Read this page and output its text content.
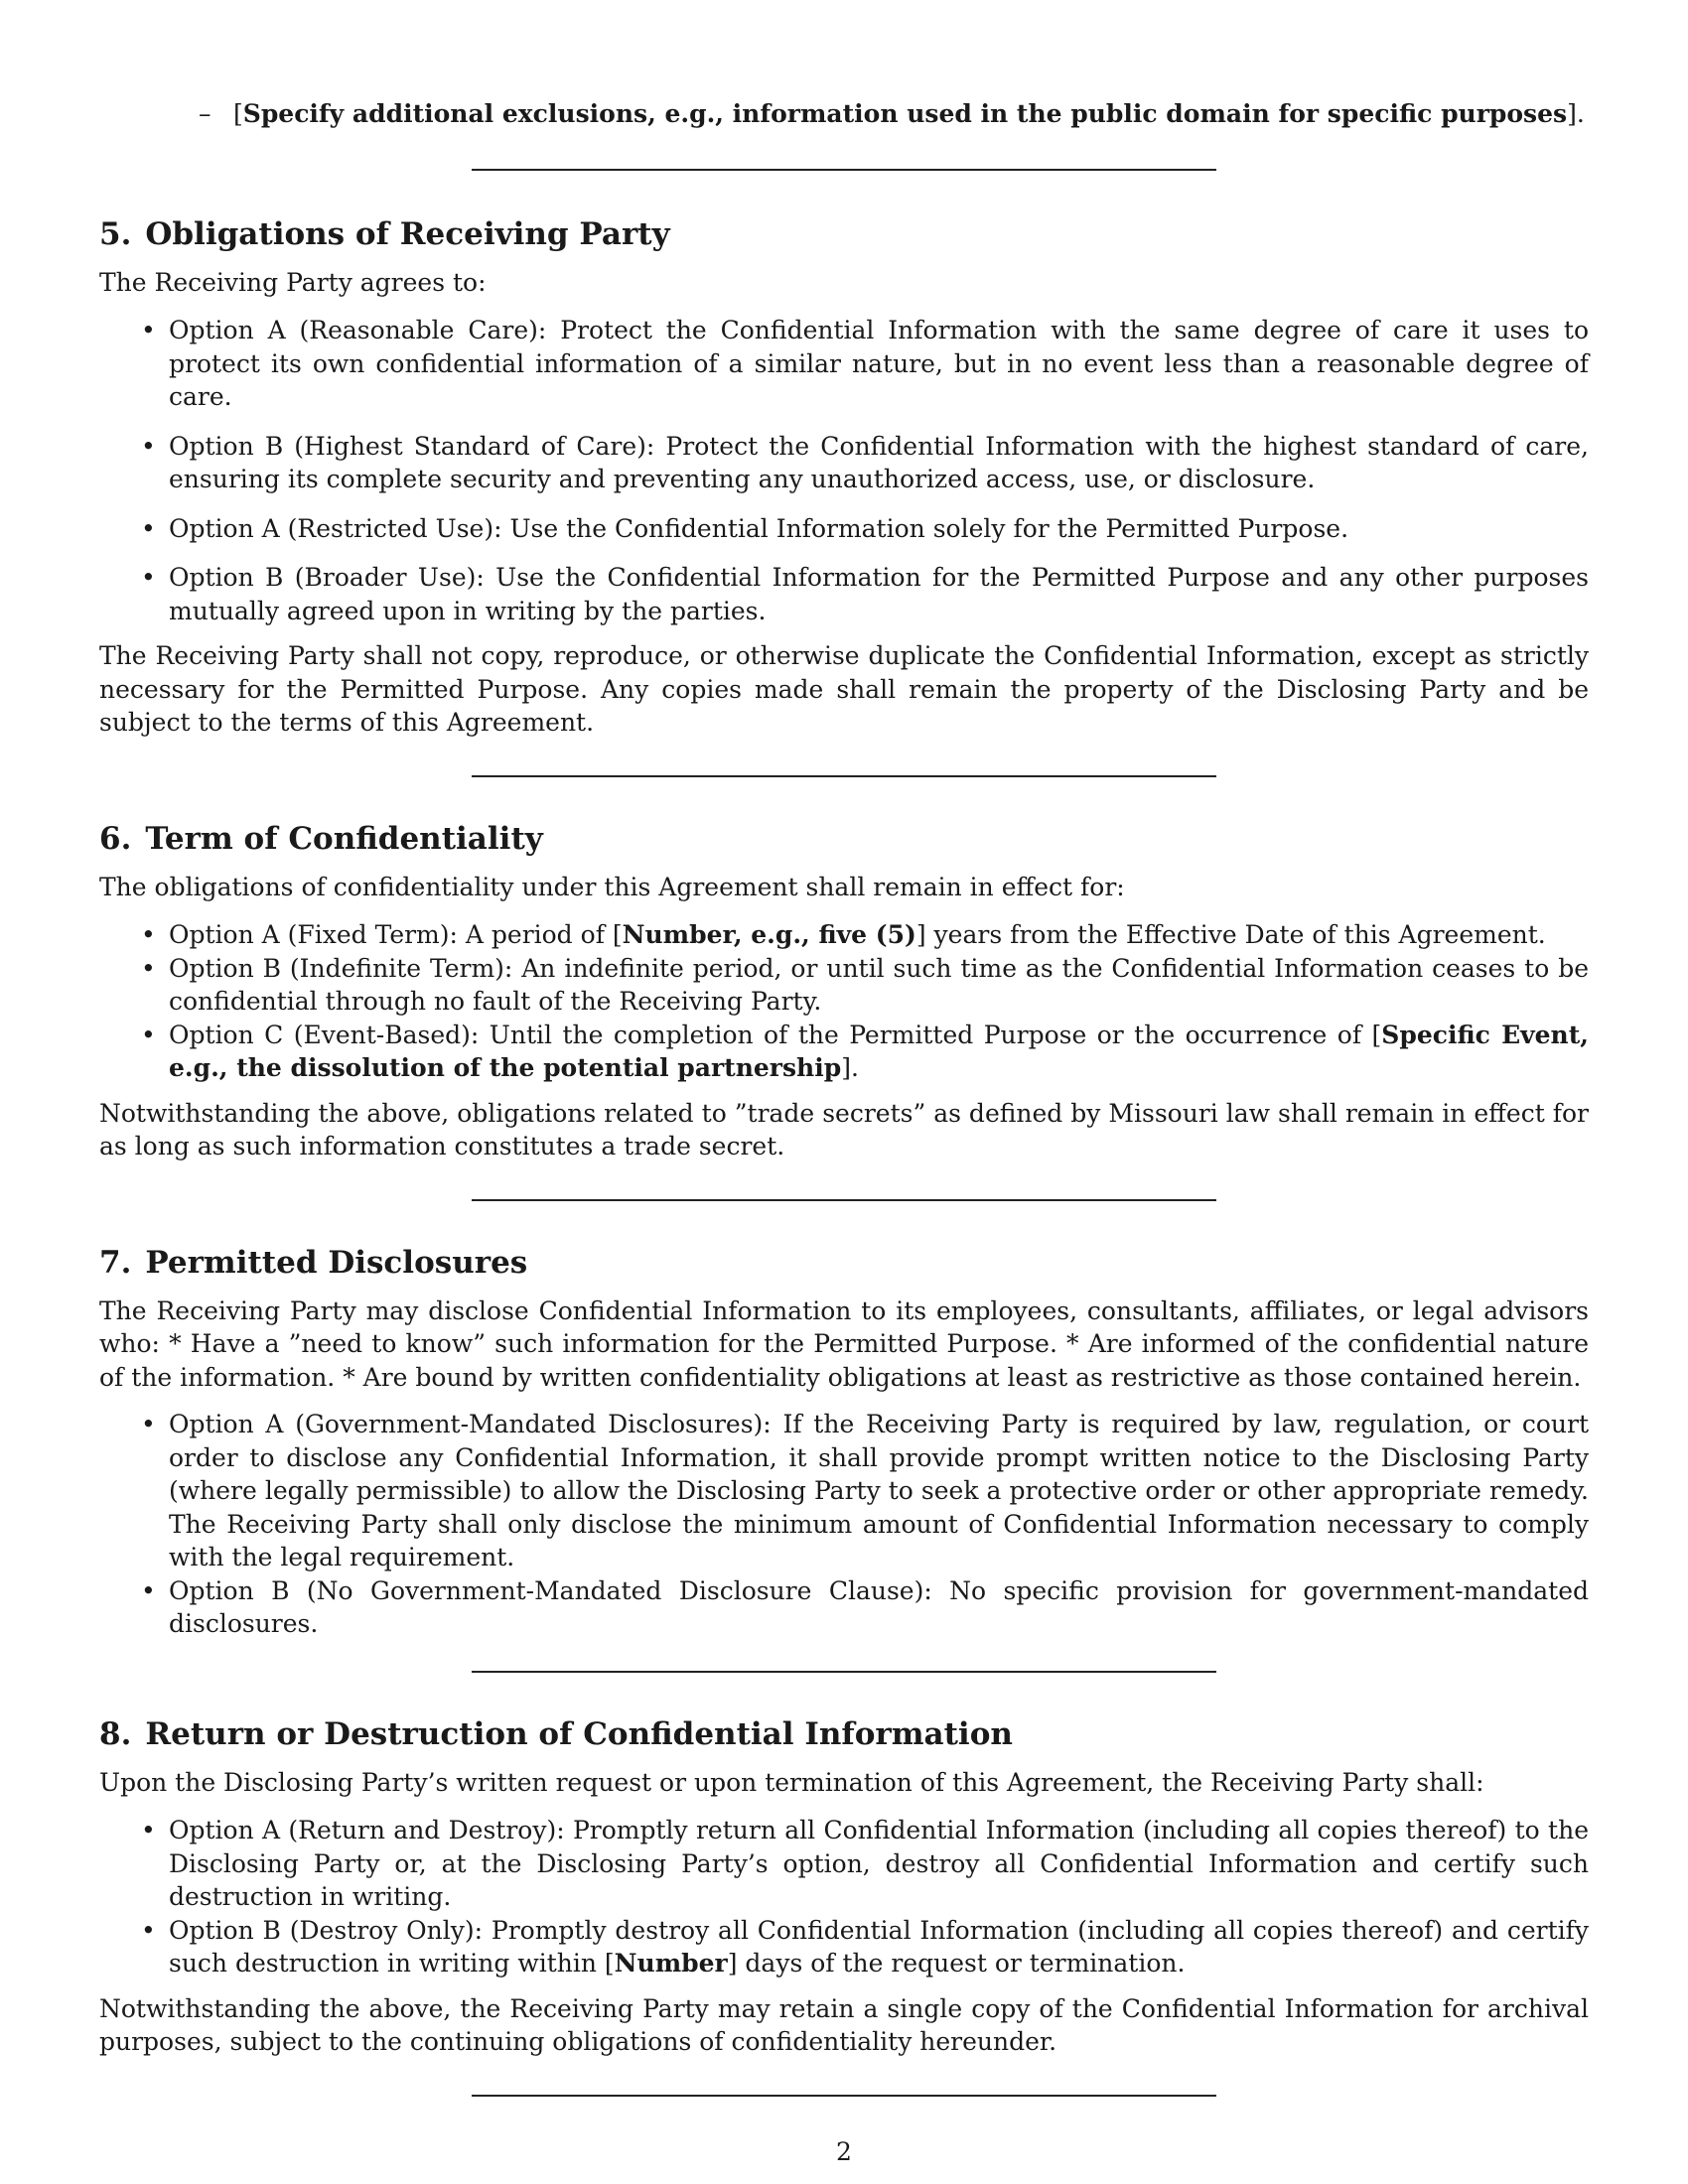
– [Specify additional exclusions, e.g., information used in the public domain for specific purposes].

5. Obligations of Receiving Party

The Receiving Party agrees to:

• Option A (Reasonable Care): Protect the Confidential Information with the same degree of care it uses to protect its own confidential information of a similar nature, but in no event less than a reasonable degree of care.
• Option B (Highest Standard of Care): Protect the Confidential Information with the highest standard of care, ensuring its complete security and preventing any unauthorized access, use, or disclosure.
• Option A (Restricted Use): Use the Confidential Information solely for the Permitted Purpose.
• Option B (Broader Use): Use the Confidential Information for the Permitted Purpose and any other purposes mutually agreed upon in writing by the parties.

The Receiving Party shall not copy, reproduce, or otherwise duplicate the Confidential Information, except as strictly necessary for the Permitted Purpose. Any copies made shall remain the property of the Disclosing Party and be subject to the terms of this Agreement.

6. Term of Confidentiality

The obligations of confidentiality under this Agreement shall remain in effect for:

• Option A (Fixed Term): A period of [Number, e.g., five (5)] years from the Effective Date of this Agreement.
• Option B (Indefinite Term): An indefinite period, or until such time as the Confidential Information ceases to be confidential through no fault of the Receiving Party.
• Option C (Event-Based): Until the completion of the Permitted Purpose or the occurrence of [Specific Event, e.g., the dissolution of the potential partnership].

Notwithstanding the above, obligations related to ”trade secrets” as defined by Missouri law shall remain in effect for as long as such information constitutes a trade secret.

7. Permitted Disclosures

The Receiving Party may disclose Confidential Information to its employees, consultants, affiliates, or legal advisors who: * Have a ”need to know” such information for the Permitted Purpose. * Are informed of the confidential nature of the information. * Are bound by written confidentiality obligations at least as restrictive as those contained herein.

• Option A (Government-Mandated Disclosures): If the Receiving Party is required by law, regulation, or court order to disclose any Confidential Information, it shall provide prompt written notice to the Disclosing Party (where legally permissible) to allow the Disclosing Party to seek a protective order or other appropriate remedy. The Receiving Party shall only disclose the minimum amount of Confidential Information necessary to comply with the legal requirement.
• Option B (No Government-Mandated Disclosure Clause): No specific provision for government-mandated disclosures.
8. Return or Destruction of Confidential Information

Upon the Disclosing Party’s written request or upon termination of this Agreement, the Receiving Party shall:

• Option A (Return and Destroy): Promptly return all Confidential Information (including all copies thereof) to the Disclosing Party or, at the Disclosing Party’s option, destroy all Confidential Information and certify such destruction in writing.
• Option B (Destroy Only): Promptly destroy all Confidential Information (including all copies thereof) and certify such destruction in writing within [Number] days of the request or termination.

Notwithstanding the above, the Receiving Party may retain a single copy of the Confidential Information for archival purposes, subject to the continuing obligations of confidentiality hereunder.

2
